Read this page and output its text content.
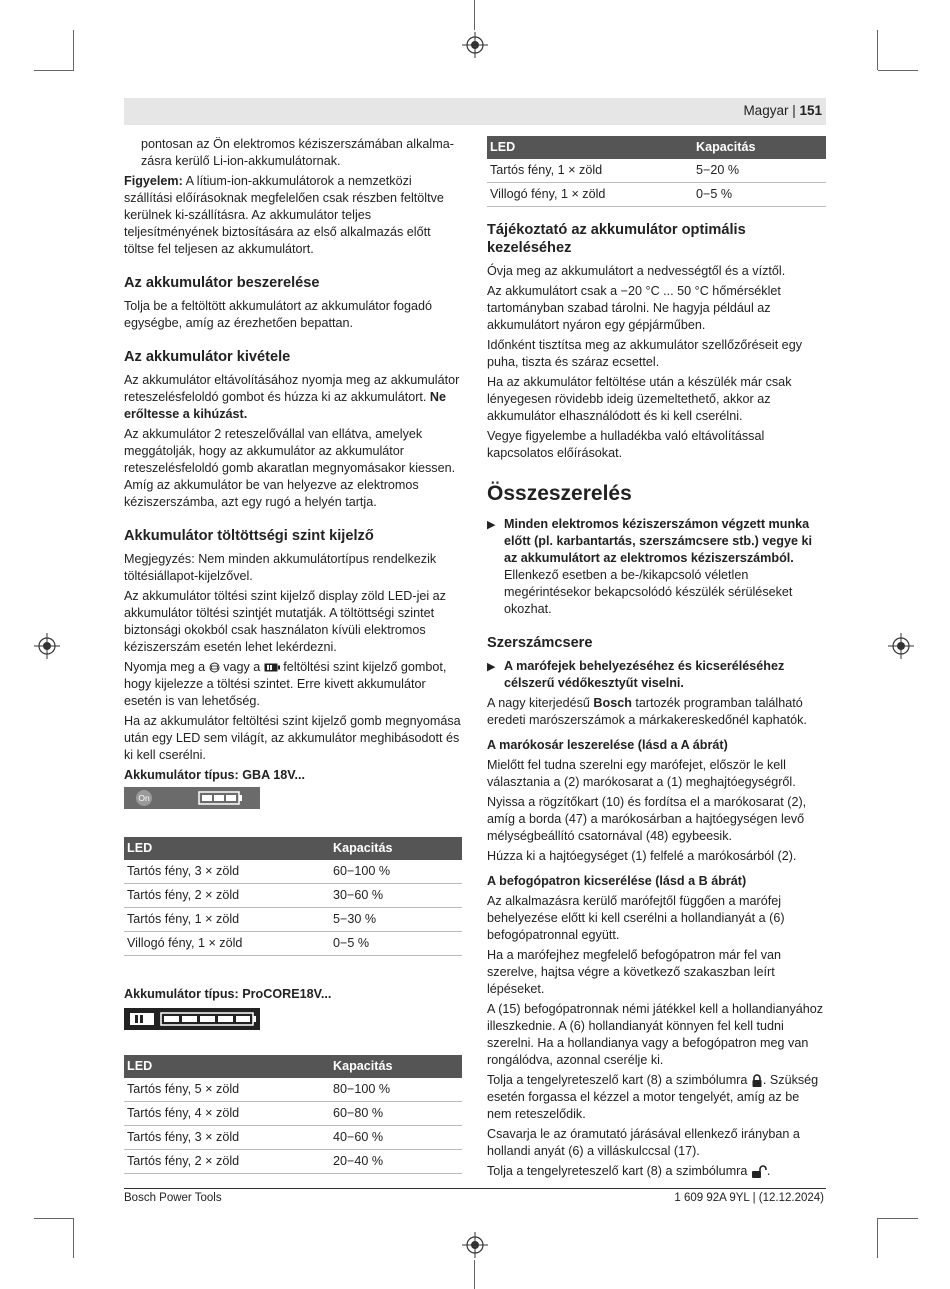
Magyar | 151

pontosan az Ön elektromos kéziszerszámában alkalma-

zásra kerülő Li-ion-akkumulátornak.

Figyelem: A lítium-ion-akkumulátorok a nemzetközi szállítási előírásoknak megfelelően csak részben feltöltve kerülnek ki-szállításra. Az akkumulátor teljes teljesítményének biztosítására az első alkalmazás előtt töltse fel teljesen az akkumulátort.

Az akkumulátor beszerelése

Tolja be a feltöltött akkumulátort az akkumulátor fogadó egységbe, amíg az érezhetően bepattan.

Az akkumulátor kivétele

Az akkumulátor eltávolításához nyomja meg az akkumulátor reteszelésfeloldó gombot és húzza ki az akkumulátort. Ne erőltesse a kihúzást.

Az akkumulátor 2 reteszelővállal van ellátva, amelyek meggátolják, hogy az akkumulátor az akkumulátor reteszelésfeloldó gomb akaratlan megnyomásakor kiessen. Amíg az akkumulátor be van helyezve az elektromos kéziszerszámba, azt egy rugó a helyén tartja.

Akkumulátor töltöttségi szint kijelző

Megjegyzés: Nem minden akkumulátortípus rendelkezik töltésiállapot-kijelzővel.

Az akkumulátor töltési szint kijelző display zöld LED-jei az akkumulátor töltési szintjét mutatják. A töltöttségi szintet biztonsági okokból csak használaton kívüli elektromos kéziszerszám esetén lehet lekérdezni.

Nyomja meg a  vagy a  feltöltési szint kijelző gombot, hogy kijelezze a töltési szintet. Erre kivett akkumulátor esetén is van lehetőség.

Ha az akkumulátor feltöltési szint kijelző gomb megnyomása után egy LED sem világít, az akkumulátor meghibásodott és ki kell cserélni.

Akkumulátor típus: GBA 18V...

On
LED	Kapacitás
Tartós fény, 3 × zöld	60−100 %
Tartós fény, 2 × zöld	30−60 %
Tartós fény, 1 × zöld	5−30 %
Villogó fény, 1 × zöld	0−5 %

Akkumulátor típus: ProCORE18V...

LED	Kapacitás
Tartós fény, 5 × zöld	80−100 %
Tartós fény, 4 × zöld	60−80 %
Tartós fény, 3 × zöld	40−60 %
Tartós fény, 2 × zöld	20−40 %
LED	Kapacitás
Tartós fény, 1 × zöld	5−20 %
Villogó fény, 1 × zöld	0−5 %
Tájékoztató az akkumulátor optimális kezeléséhez

Óvja meg az akkumulátort a nedvességtől és a víztől.

Az akkumulátort csak a −20 °C ... 50 °C hőmérséklet tartományban szabad tárolni. Ne hagyja például az akkumulátort nyáron egy gépjárműben.

Időnként tisztítsa meg az akkumulátor szellőzőréseit egy puha, tiszta és száraz ecsettel.

Ha az akkumulátor feltöltése után a készülék már csak lényegesen rövidebb ideig üzemeltethető, akkor az akkumulátor elhasználódott és ki kell cserélni.

Vegye figyelembe a hulladékba való eltávolítással kapcsolatos előírásokat.

Összeszerelés

▶ Minden elektromos kéziszerszámon végzett munka előtt (pl. karbantartás, szerszámcsere stb.) vegye ki az akkumulátort az elektromos kéziszerszámból. Ellenkező esetben a be-/kikapcsoló véletlen megérintésekor bekapcsolódó készülék sérüléseket okozhat.

Szerszámcsere

▶ A marófejek behelyezéséhez és kicseréléséhez célszerű védőkesztyűt viselni.

A nagy kiterjedésű Bosch tartozék programban található eredeti marószerszámok a márkakereskedőnél kaphatók.

A marókosár leszerelése (lásd a A ábrát)

Mielőtt fel tudna szerelni egy marófejet, először le kell választania a (2) marókosarat a (1) meghajtóegységről.

Nyissa a rögzítőkart (10) és fordítsa el a marókosarat (2), amíg a borda (47) a marókosárban a hajtóegységen levő mélységbeállító csatornával (48) egybeesik.

Húzza ki a hajtóegységet (1) felfelé a marókosárból (2).

A befogópatron kicserélése (lásd a B ábrát)

Az alkalmazásra kerülő marófejtől függően a marófej behelyezése előtt ki kell cserélni a hollandianyát a (6) befogópatronnal együtt.

Ha a marófejhez megfelelő befogópatron már fel van szerelve, hajtsa végre a következő szakaszban leírt lépéseket.

A (15) befogópatronnak némi játékkel kell a hollandianyához illeszkednie. A (6) hollandianyát könnyen fel kell tudni szerelni. Ha a hollandianya vagy a befogópatron meg van rongálódva, azonnal cserélje ki.

Tolja a tengelyreteszelő kart (8) a szimbólumra . Szükség esetén forgassa el kézzel a motor tengelyét, amíg az be nem reteszelődik.

Csavarja le az óramutató járásával ellenkező irányban a hollandi anyát (6) a villáskulccsal (17).

Tolja a tengelyreteszelő kart (8) a szimbólumra .

Bosch Power Tools	1 609 92A 9YL | (12.12.2024)
